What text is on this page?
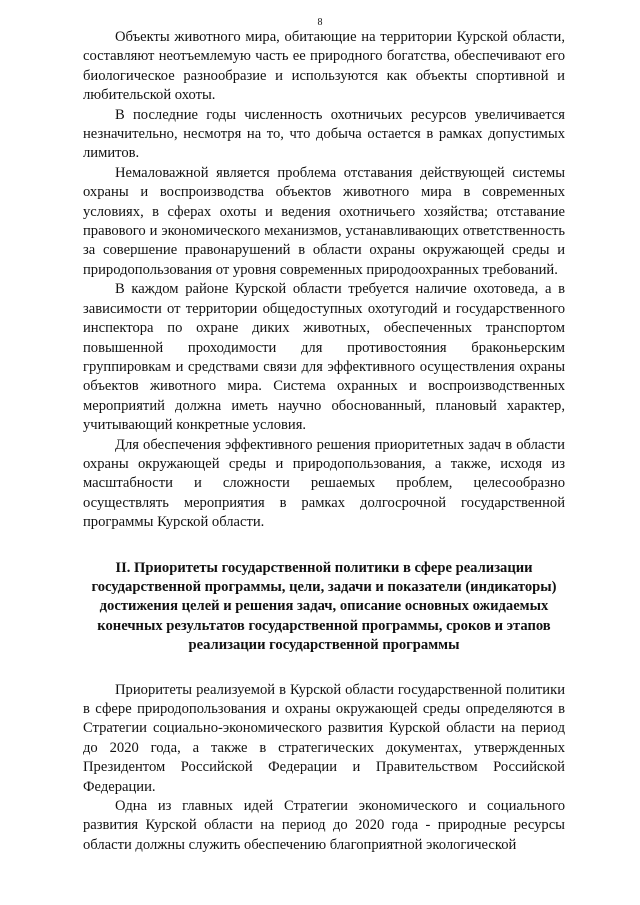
8

Объекты животного мира, обитающие на территории Курской области, составляют неотъемлемую часть ее природного богатства, обеспечивают его биологическое разнообразие и используются как объекты спортивной и любительской охоты.

В последние годы численность охотничьих ресурсов увеличивается незначительно, несмотря на то, что добыча остается в рамках допустимых лимитов.

Немаловажной является проблема отставания действующей системы охраны и воспроизводства объектов животного мира в современных условиях, в сферах охоты и ведения охотничьего хозяйства; отставание правового и экономического механизмов, устанавливающих ответственность за совершение правонарушений в области охраны окружающей среды и природопользования от уровня современных природоохранных требований.

В каждом районе Курской области требуется наличие охотоведа, а в зависимости от территории общедоступных охотугодий и государственного инспектора по охране диких животных, обеспеченных транспортом повышенной проходимости для противостояния браконьерским группировкам и средствами связи для эффективного осуществления охраны объектов животного мира. Система охранных и воспроизводственных мероприятий должна иметь научно обоснованный, плановый характер, учитывающий конкретные условия.

Для обеспечения эффективного решения приоритетных задач в области охраны окружающей среды и природопользования, а также, исходя из масштабности и сложности решаемых проблем, целесообразно осуществлять мероприятия в рамках долгосрочной государственной программы Курской области.

II. Приоритеты государственной политики в сфере реализации государственной программы, цели, задачи и показатели (индикаторы) достижения целей и решения задач, описание основных ожидаемых конечных результатов государственной программы, сроков и этапов реализации государственной программы

Приоритеты реализуемой в Курской области государственной политики в сфере природопользования и охраны окружающей среды определяются в Стратегии социально-экономического развития Курской области на период до 2020 года, а также в стратегических документах, утвержденных Президентом Российской Федерации и Правительством Российской Федерации.

Одна из главных идей Стратегии экономического и социального развития Курской области на период до 2020 года - природные ресурсы области должны служить обеспечению благоприятной экологической
